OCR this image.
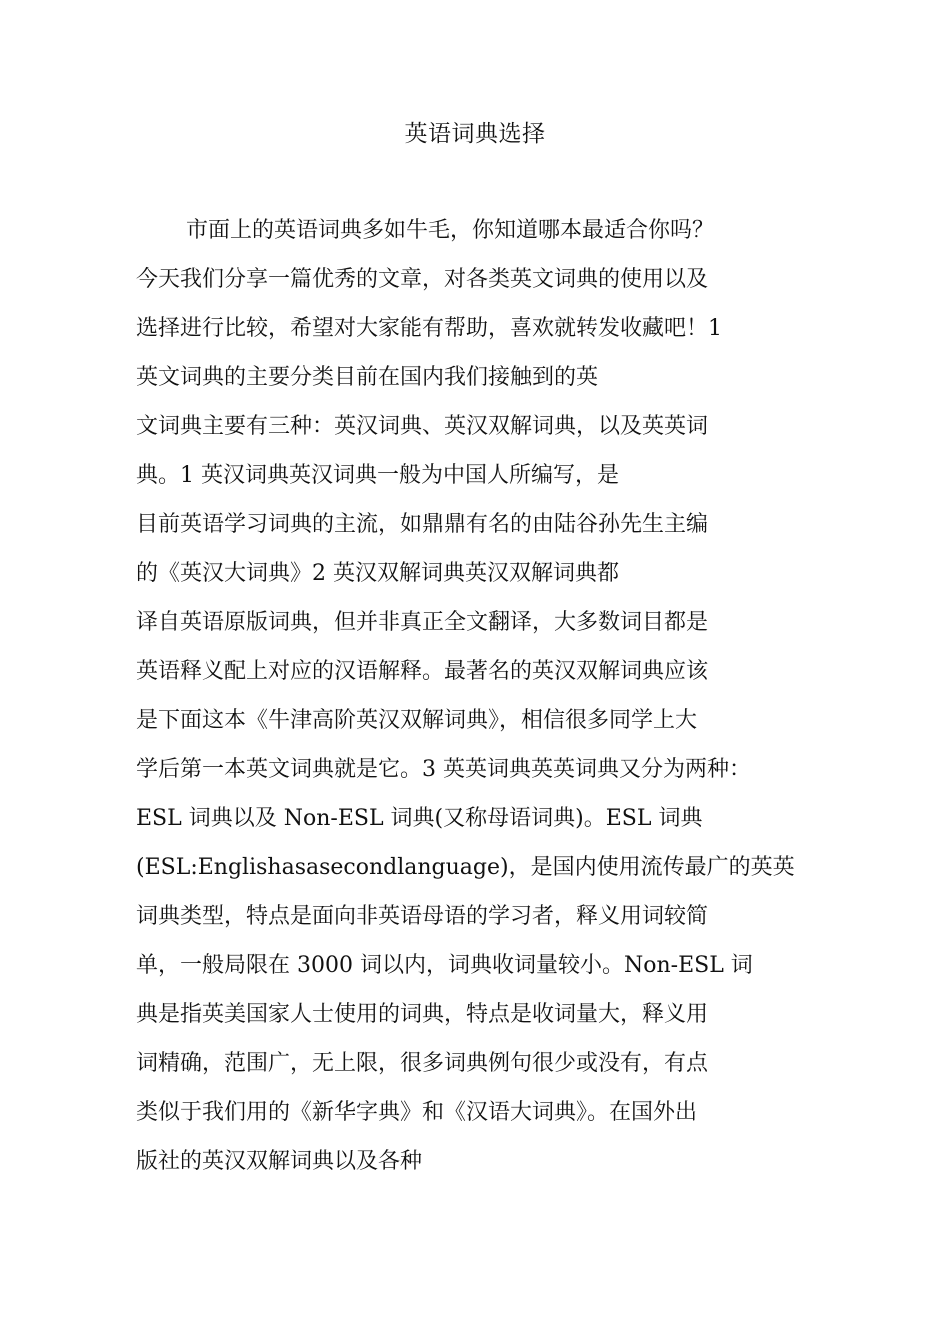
英语词典选择
市面上的英语词典多如牛毛，你知道哪本最适合你吗？
今天我们分享一篇优秀的文章，对各类英文词典的使用以及
选择进行比较，希望对大家能有帮助，喜欢就转发收藏吧！1
英文词典的主要分类目前在国内我们接触到的英
文词典主要有三种：英汉词典、英汉双解词典，以及英英词
典。1 英汉词典英汉词典一般为中国人所编写，是
目前英语学习词典的主流，如鼎鼎有名的由陆谷孙先生主编
的《英汉大词典》2 英汉双解词典英汉双解词典都
译自英语原版词典，但并非真正全文翻译，大多数词目都是
英语释义配上对应的汉语解释。最著名的英汉双解词典应该
是下面这本《牛津高阶英汉双解词典》，相信很多同学上大
学后第一本英文词典就是它。3 英英词典英英词典又分为两种：
ESL 词典以及 Non-ESL 词典(又称母语词典)。ESL 词典
(ESL:Englishasasecondlanguage)，是国内使用流传最广的英英
词典类型，特点是面向非英语母语的学习者，释义用词较简
单，一般局限在 3000 词以内，词典收词量较小。Non-ESL 词
典是指英美国家人士使用的词典，特点是收词量大，释义用
词精确，范围广，无上限，很多词典例句很少或没有，有点
类似于我们用的《新华字典》和《汉语大词典》。在国外出
版社的英汉双解词典以及各种
